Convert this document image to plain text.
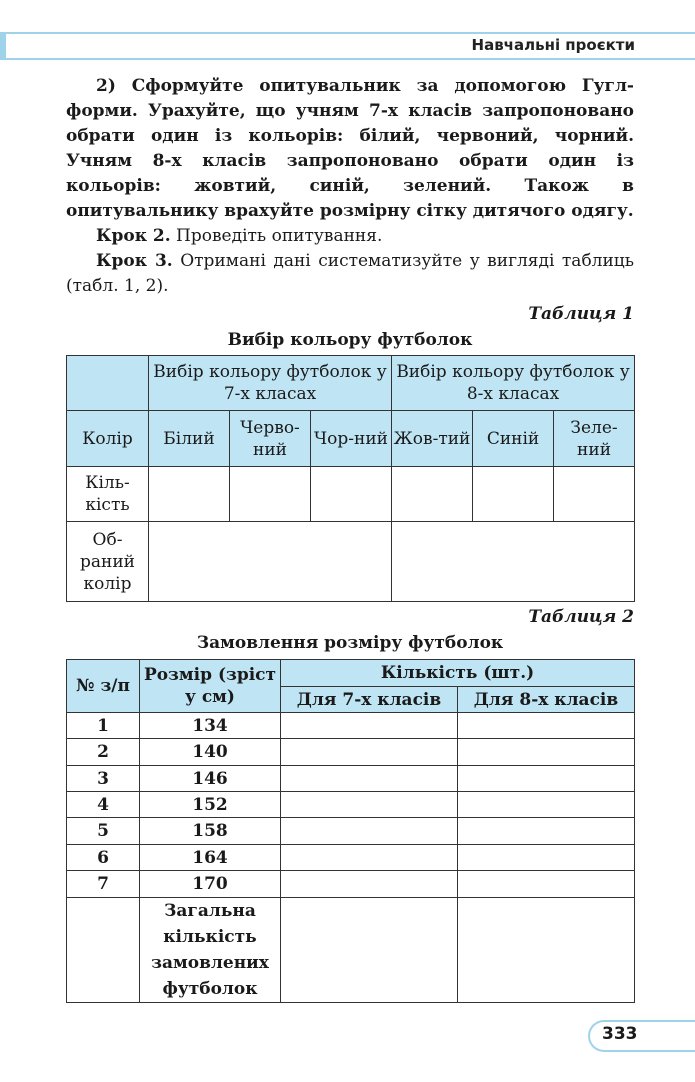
Навчальні проєкти

2) Сформуйте опитувальник за допомогою Гугл-форми. Урахуйте, що учням 7-х класів запропоновано обрати один із кольорів: білий, червоний, чорний. Учням 8-х класів запропоновано обрати один із кольорів: жовтий, синій, зелений. Також в опитувальнику врахуйте розмірну сітку дитячого одягу.

Крок 2. Проведіть опитування.

Крок 3. Отримані дані систематизуйте у вигляді таблиць (табл. 1, 2).

Таблиця 1
Вибір кольору футболок
	Вибір кольору футболок у 7-х класах			Вибір кольору футболок у 8-х класах		
Колір	Білий	Черво-ний	Чор-ний	Жов-тий	Синій	Зеле-ний
Кіль-кість						
Об-раний колір						
Таблиця 2
Замовлення розміру футболок
№ з/п	Розмір (зріст у см)	Кількість (шт.)	
		Для 7-х класів	Для 8-х класів
1	134		
2	140		
3	146		
4	152		
5	158		
6	164		
7	170		
	Загальна кількість замовлених футболок		
333
